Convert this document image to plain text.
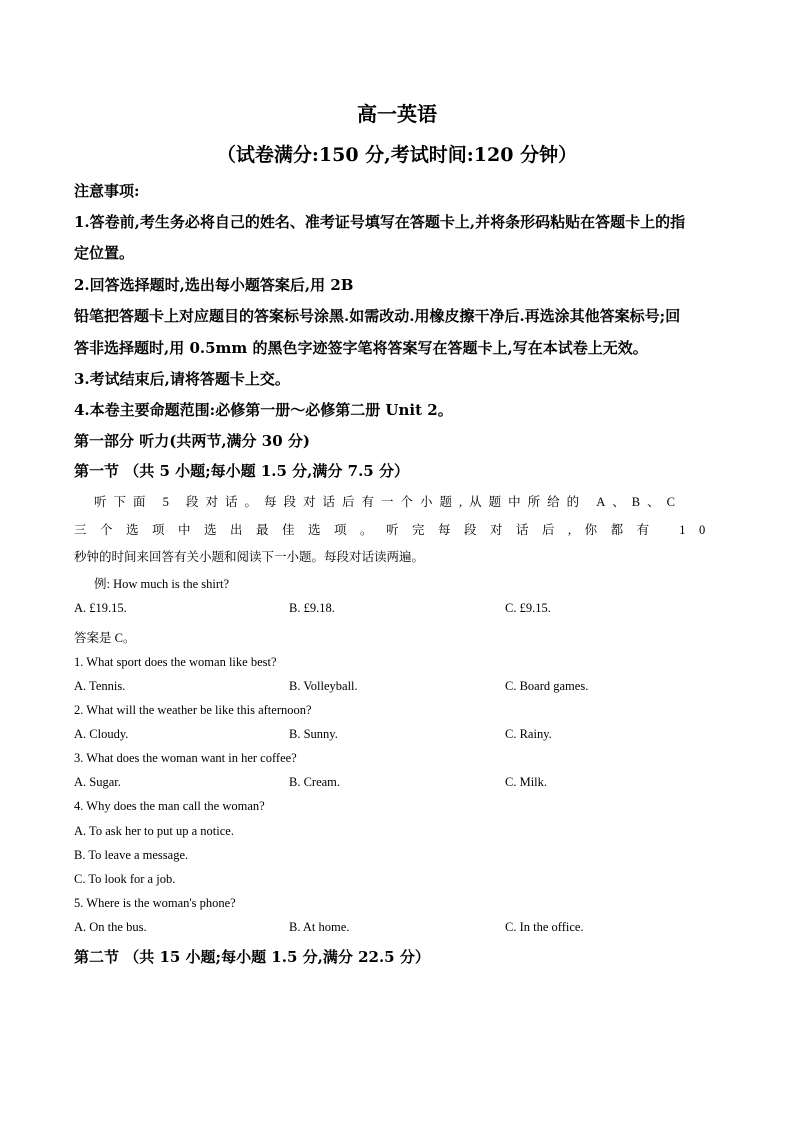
高一英语
（试卷满分:150 分,考试时间:120 分钟）
注意事项:
1.答卷前,考生务必将自己的姓名、准考证号填写在答题卡上,并将条形码粘贴在答题卡上的指
定位置。
2.回答选择题时,选出每小题答案后,用 2B
铅笔把答题卡上对应题目的答案标号涂黑.如需改动.用橡皮擦干净后.再选涂其他答案标号;回
答非选择题时,用 0.5mm 的黑色字迹签字笔将答案写在答题卡上,写在本试卷上无效。
3.考试结束后,请将答题卡上交。
4.本卷主要命题范围:必修第一册～必修第二册 Unit 2。
第一部分 听力(共两节,满分 30 分)
第一节 （共 5 小题;每小题 1.5 分,满分 7.5 分）
听下面 5 段对话。每段对话后有一个小题,从题中所给的 A、B、C
三个选项中选出最佳选项。听完每段对话后,你都有 10
秒钟的时间来回答有关小题和阅读下一小题。每段对话读两遍。
例: How much is the shirt?
A. £19.15.	B. £9.18.	C. £9.15.
答案是 C。
1. What sport does the woman like best?
A. Tennis.	B. Volleyball.	C. Board games.
2. What will the weather be like this afternoon?
A. Cloudy.	B. Sunny.	C. Rainy.
3. What does the woman want in her coffee?
A. Sugar.	B. Cream.	C. Milk.
4. Why does the man call the woman?
A. To ask her to put up a notice.
B. To leave a message.
C. To look for a job.
5. Where is the woman's phone?
A. On the bus.	B. At home.	C. In the office.
第二节 （共 15 小题;每小题 1.5 分,满分 22.5 分）
